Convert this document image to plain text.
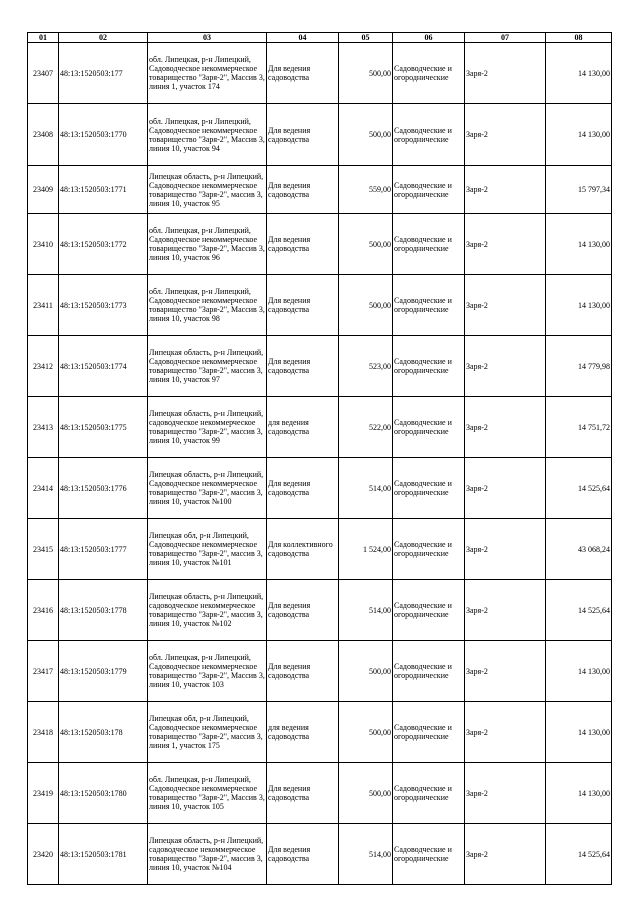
01	02	03	04	05	06	07	08

23407	48:13:1520503:177	обл. Липецкая, р-н Липецкий, Садоводческое некоммерческое товарищество "Заря-2", Массив 3, линия 1, участок 174	Для ведения садоводства	500,00	Садоводческие и огороднические	Заря-2	14 130,00

23408	48:13:1520503:1770	обл. Липецкая, р-н Липецкий, Садоводческое некоммерческое товарищество "Заря-2", Массив 3, линия 10, участок 94	Для ведения садоводства	500,00	Садоводческие и огороднические	Заря-2	14 130,00

23409	48:13:1520503:1771	Липецкая область, р-н Липецкий, Садоводческое некоммерческое товарищество "Заря-2", массив 3, линия 10, участок 95	Для ведения садоводства	559,00	Садоводческие и огороднические	Заря-2	15 797,34

23410	48:13:1520503:1772	обл. Липецкая, р-н Липецкий, Садоводческое некоммерческое товарищество "Заря-2", Массив 3, линия 10, участок 96	Для ведения садоводства	500,00	Садоводческие и огороднические	Заря-2	14 130,00

23411	48:13:1520503:1773	обл. Липецкая, р-н Липецкий, Садоводческое некоммерческое товарищество "Заря-2", Массив 3, линия 10, участок 98	Для ведения садоводства	500,00	Садоводческие и огороднические	Заря-2	14 130,00

23412	48:13:1520503:1774	Липецкая область, р-н Липецкий, Садоводческое некоммерческое товарищество "Заря-2", массив 3, линия 10, участок 97	Для ведения садоводства	523,00	Садоводческие и огороднические	Заря-2	14 779,98

23413	48:13:1520503:1775	Липецкая область, р-н Липецкий, садоводческое некоммерческое товарищество "Заря-2", массив 3, линия 10, участок 99	для ведения садоводства	522,00	Садоводческие и огороднические	Заря-2	14 751,72

23414	48:13:1520503:1776	Липецкая область, р-н Липецкий, Садоводческое некоммерческое товарищество "Заря-2", массив 3, линия 10, участок №100	Для ведения садоводства	514,00	Садоводческие и огороднические	Заря-2	14 525,64

23415	48:13:1520503:1777	Липецкая обл, р-н Липецкий, Садоводческое некоммерческое товарищество "Заря-2", массив 3, линия 10, участок №101	Для коллективного садоводства	1 524,00	Садоводческие и огороднические	Заря-2	43 068,24

23416	48:13:1520503:1778	Липецкая область, р-н Липецкий, садоводческое некоммерческое товарищество "Заря-2", массив 3, линия 10, участок №102	Для ведения садоводства	514,00	Садоводческие и огороднические	Заря-2	14 525,64

23417	48:13:1520503:1779	обл. Липецкая, р-н Липецкий, Садоводческое некоммерческое товарищество "Заря-2", Массив 3, линия 10, участок 103	Для ведения садоводства	500,00	Садоводческие и огороднические	Заря-2	14 130,00

23418	48:13:1520503:178	Липецкая обл, р-н Липецкий, Садоводческое некоммерческое товарищество "Заря-2", массив 3, линия 1, участок 175	для ведения садоводства	500,00	Садоводческие и огороднические	Заря-2	14 130,00

23419	48:13:1520503:1780	обл. Липецкая, р-н Липецкий, Садоводческое некоммерческое товарищество "Заря-2", Массив 3, линия 10, участок 105	Для ведения садоводства	500,00	Садоводческие и огороднические	Заря-2	14 130,00

23420	48:13:1520503:1781	Липецкая область, р-н Липецкий, садоводческое некоммерческое товарищество "Заря-2", массив 3, линия 10, участок №104	Для ведения садоводства	514,00	Садоводческие и огороднические	Заря-2	14 525,64
